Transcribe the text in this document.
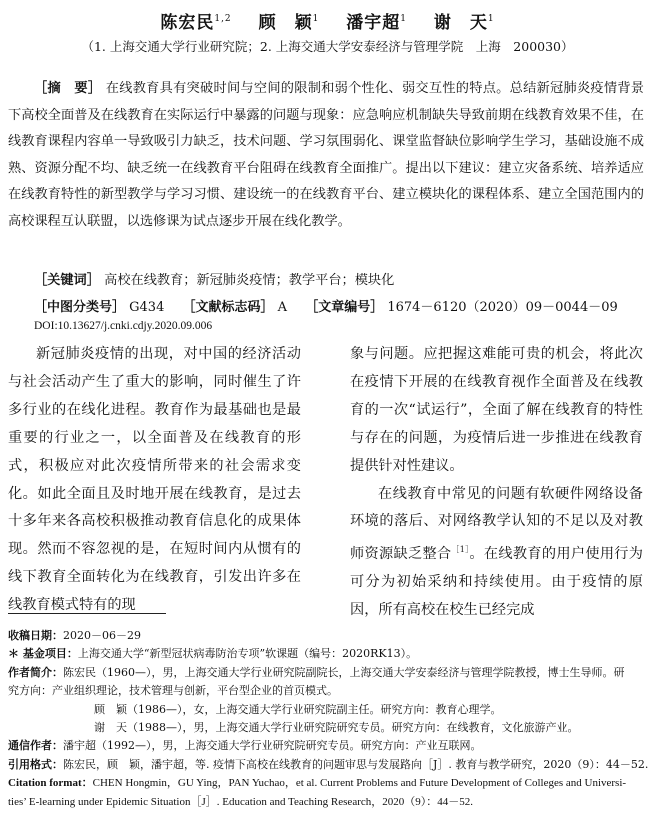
陈宏民$^{1,2}$ 顾　颖$^1$ 潘宇超$^1$ 谢　天$^1$
（1. 上海交通大学行业研究院；2. 上海交通大学安泰经济与管理学院　上海　200030）
［摘　要］ 在线教育具有突破时间与空间的限制和弱个性化、弱交互性的特点。总结新冠肺炎疫情背景下高校全面普及在线教育在实际运行中暴露的问题与现象：应急响应机制缺失导致前期在线教育效果不佳，在线教育课程内容单一导致吸引力缺乏，技术问题、学习氛围弱化、课堂监督缺位影响学生学习，基础设施不成熟、资源分配不均、缺乏统一在线教育平台阻碍在线教育全面推广。提出以下建议：建立灾备系统、培养适应在线教育特性的新型教学与学习习惯、建设统一的在线教育平台、建立模块化的课程体系、建立全国范围内的高校课程互认联盟，以选修课为试点逐步开展在线化教学。
［关键词］ 高校在线教育；新冠肺炎疫情；教学平台；模块化
［中图分类号］ G434 ［文献标志码］ A ［文章编号］ 1674－6120（2020）09－0044－09
DOI:10.13627/j.cnki.cdjy.2020.09.006

新冠肺炎疫情的出现，对中国的经济活动与社会活动产生了重大的影响，同时催生了许多行业的在线化进程。教育作为最基础也是最重要的行业之一，以全面普及在线教育的形式，积极应对此次疫情所带来的社会需求变化。如此全面且及时地开展在线教育，是过去十多年来各高校积极推动教育信息化的成果体现。然而不容忽视的是，在短时间内从惯有的线下教育全面转化为在线教育，引发出许多在线教育模式特有的现

象与问题。应把握这难能可贵的机会，将此次在疫情下开展的在线教育视作全面普及在线教育的一次“试运行”，全面了解在线教育的特性与存在的问题，为疫情后进一步推进在线教育提供针对性建议。

在线教育中常见的问题有软硬件网络设备环境的落后、对网络教学认知的不足以及对教师资源缺乏整合$^{[1]}$。在线教育的用户使用行为可分为初始采纳和持续使用。由于疫情的原因，所有高校在校生已经完成

收稿日期：2020－06－29
＊ 基金项目：上海交通大学“新型冠状病毒防治专项”软课题（编号：2020RK13）。
作者简介：陈宏民（1960—），男，上海交通大学行业研究院副院长，上海交通大学安泰经济与管理学院教授，博士生导师。研
究方向：产业组织理论，技术管理与创新，平台型企业的首页模式。
顾　颖（1986—），女，上海交通大学行业研究院副主任。研究方向：教育心理学。
谢　天（1988—），男，上海交通大学行业研究院研究专员。研究方向：在线教育，文化旅游产业。
通信作者：潘宇超（1992—），男，上海交通大学行业研究院研究专员。研究方向：产业互联网。
引用格式：陈宏民，顾　颖，潘宇超，等. 疫情下高校在线教育的问题审思与发展路向［J］. 教育与教学研究，2020（9）：44－52.
Citation format：CHEN Hongmin，GU Ying，PAN Yuchao，et al. Current Problems and Future Development of Colleges and Universi-
ties’ E-learning under Epidemic Situation［J］. Education and Teaching Research，2020（9）：44－52.
